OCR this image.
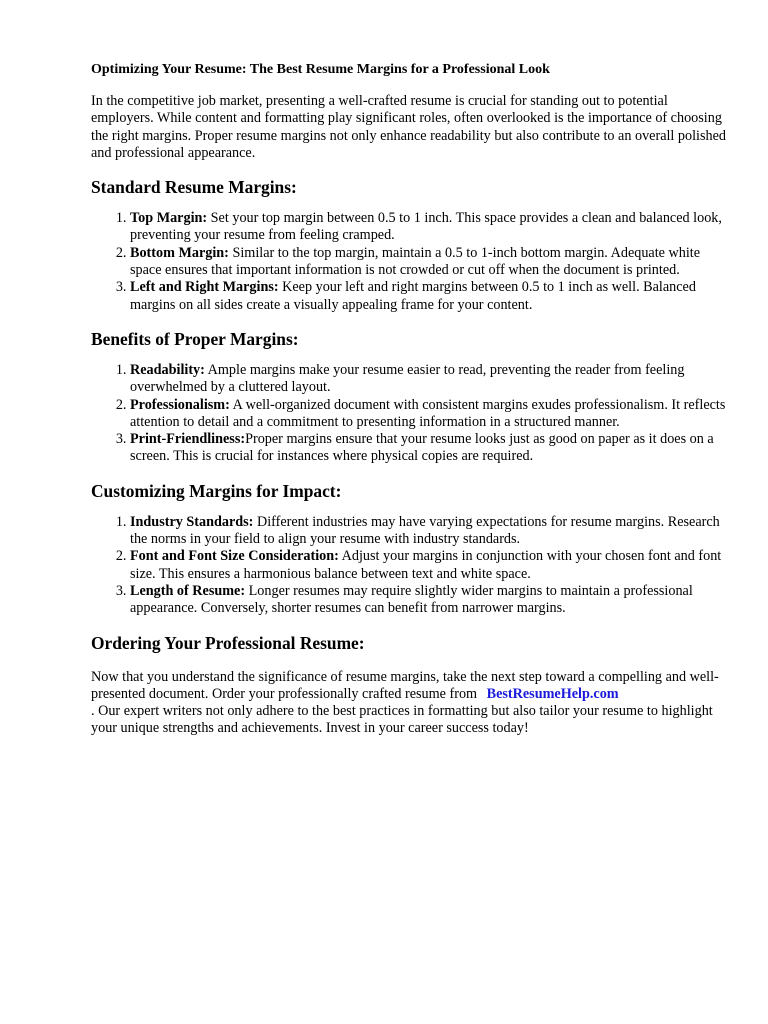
Optimizing Your Resume: The Best Resume Margins for a Professional Look

In the competitive job market, presenting a well-crafted resume is crucial for standing out to potential employers. While content and formatting play significant roles, often overlooked is the importance of choosing the right margins. Proper resume margins not only enhance readability but also contribute to an overall polished and professional appearance.

Standard Resume Margins:
1. Top Margin: Set your top margin between 0.5 to 1 inch. This space provides a clean and balanced look, preventing your resume from feeling cramped.
2. Bottom Margin: Similar to the top margin, maintain a 0.5 to 1-inch bottom margin. Adequate white space ensures that important information is not crowded or cut off when the document is printed.
3. Left and Right Margins: Keep your left and right margins between 0.5 to 1 inch as well. Balanced margins on all sides create a visually appealing frame for your content.
Benefits of Proper Margins:
1. Readability: Ample margins make your resume easier to read, preventing the reader from feeling overwhelmed by a cluttered layout.
2. Professionalism: A well-organized document with consistent margins exudes professionalism. It reflects attention to detail and a commitment to presenting information in a structured manner.
3. Print-Friendliness:Proper margins ensure that your resume looks just as good on paper as it does on a screen. This is crucial for instances where physical copies are required.
Customizing Margins for Impact:
1. Industry Standards: Different industries may have varying expectations for resume margins. Research the norms in your field to align your resume with industry standards.
2. Font and Font Size Consideration: Adjust your margins in conjunction with your chosen font and font size. This ensures a harmonious balance between text and white space.
3. Length of Resume: Longer resumes may require slightly wider margins to maintain a professional appearance. Conversely, shorter resumes can benefit from narrower margins.
Ordering Your Professional Resume:

Now that you understand the significance of resume margins, take the next step toward a compelling and well-presented document. Order your professionally crafted resume from BestResumeHelp.com
. Our expert writers not only adhere to the best practices in formatting but also tailor your resume to highlight your unique strengths and achievements. Invest in your career success today!
